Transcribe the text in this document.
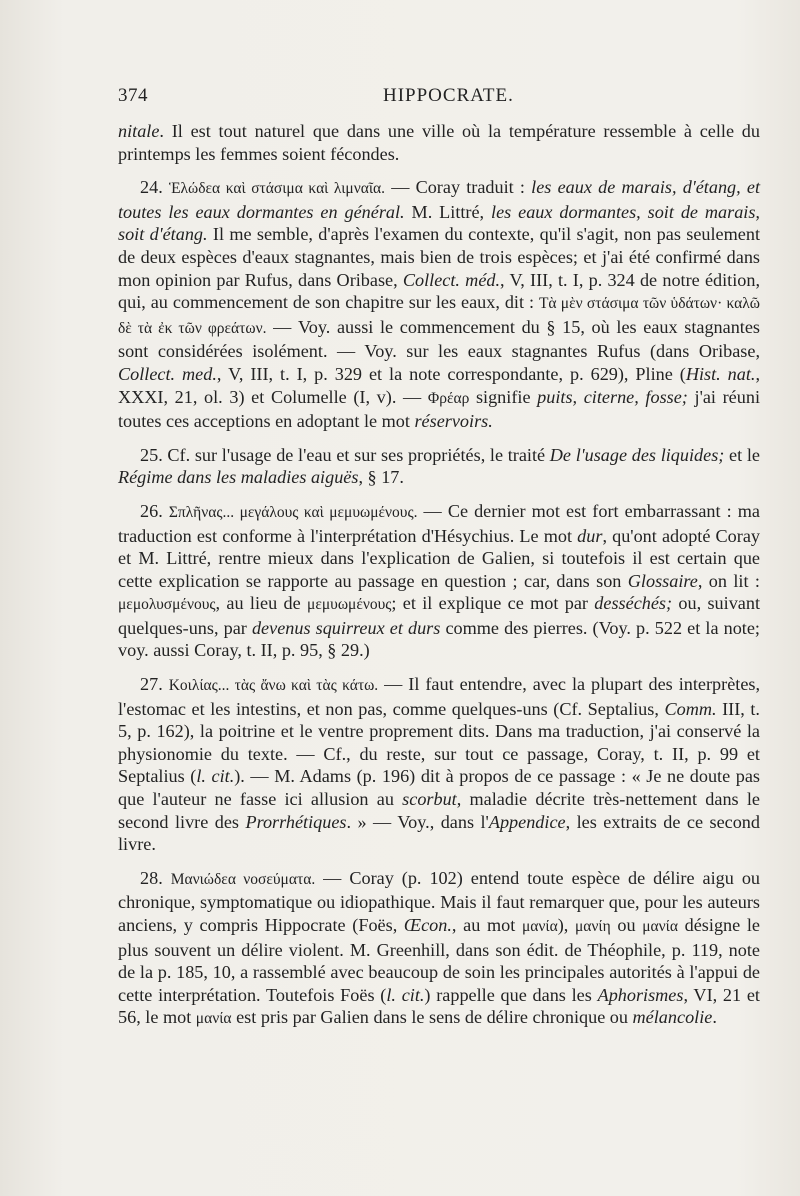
374	HIPPOCRATE.

nitale. Il est tout naturel que dans une ville où la température ressemble à celle du printemps les femmes soient fécondes.

24. Ἑλώδεα καὶ στάσιμα καὶ λιμναῖα. — Coray traduit : les eaux de marais, d'étang, et toutes les eaux dormantes en général. M. Littré, les eaux dormantes, soit de marais, soit d'étang. Il me semble, d'après l'examen du contexte, qu'il s'agit, non pas seulement de deux espèces d'eaux stagnantes, mais bien de trois espèces; et j'ai été confirmé dans mon opinion par Rufus, dans Oribase, Collect. méd., V, III, t. I, p. 324 de notre édition, qui, au commencement de son chapitre sur les eaux, dit : Τὰ μὲν στάσιμα τῶν ὑδάτων· καλῶ δὲ τὰ ἐκ τῶν φρεάτων. — Voy. aussi le commencement du § 15, où les eaux stagnantes sont considérées isolément. — Voy. sur les eaux stagnantes Rufus (dans Oribase, Collect. med., V, III, t. I, p. 329 et la note correspondante, p. 629), Pline (Hist. nat., XXXI, 21, ol. 3) et Columelle (I, v). — Φρέαρ signifie puits, citerne, fosse; j'ai réuni toutes ces acceptions en adoptant le mot réservoirs.

25. Cf. sur l'usage de l'eau et sur ses propriétés, le traité De l'usage des liquides; et le Régime dans les maladies aiguës, § 17.

26. Σπλῆνας... μεγάλους καὶ μεμυωμένους. — Ce dernier mot est fort embarrassant : ma traduction est conforme à l'interprétation d'Hésychius. Le mot dur, qu'ont adopté Coray et M. Littré, rentre mieux dans l'explication de Galien, si toutefois il est certain que cette explication se rapporte au passage en question ; car, dans son Glossaire, on lit : μεμολυσμένους, au lieu de μεμυωμένους; et il explique ce mot par desséchés; ou, suivant quelques-uns, par devenus squirreux et durs comme des pierres. (Voy. p. 522 et la note; voy. aussi Coray, t. II, p. 95, § 29.)

27. Κοιλίας... τὰς ἄνω καὶ τὰς κάτω. — Il faut entendre, avec la plupart des interprètes, l'estomac et les intestins, et non pas, comme quelques-uns (Cf. Septalius, Comm. III, t. 5, p. 162), la poitrine et le ventre proprement dits. Dans ma traduction, j'ai conservé la physionomie du texte. — Cf., du reste, sur tout ce passage, Coray, t. II, p. 99 et Septalius (l. cit.). — M. Adams (p. 196) dit à propos de ce passage : « Je ne doute pas que l'auteur ne fasse ici allusion au scorbut, maladie décrite très-nettement dans le second livre des Prorrhétiques. » — Voy., dans l'Appendice, les extraits de ce second livre.

28. Μανιώδεα νοσεύματα. — Coray (p. 102) entend toute espèce de délire aigu ou chronique, symptomatique ou idiopathique. Mais il faut remarquer que, pour les auteurs anciens, y compris Hippocrate (Foës, Œcon., au mot μανία), μανίη ou μανία désigne le plus souvent un délire violent. M. Greenhill, dans son édit. de Théophile, p. 119, note de la p. 185, 10, a rassemblé avec beaucoup de soin les principales autorités à l'appui de cette interprétation. Toutefois Foës (l. cit.) rappelle que dans les Aphorismes, VI, 21 et 56, le mot μανία est pris par Galien dans le sens de délire chronique ou mélancolie.
